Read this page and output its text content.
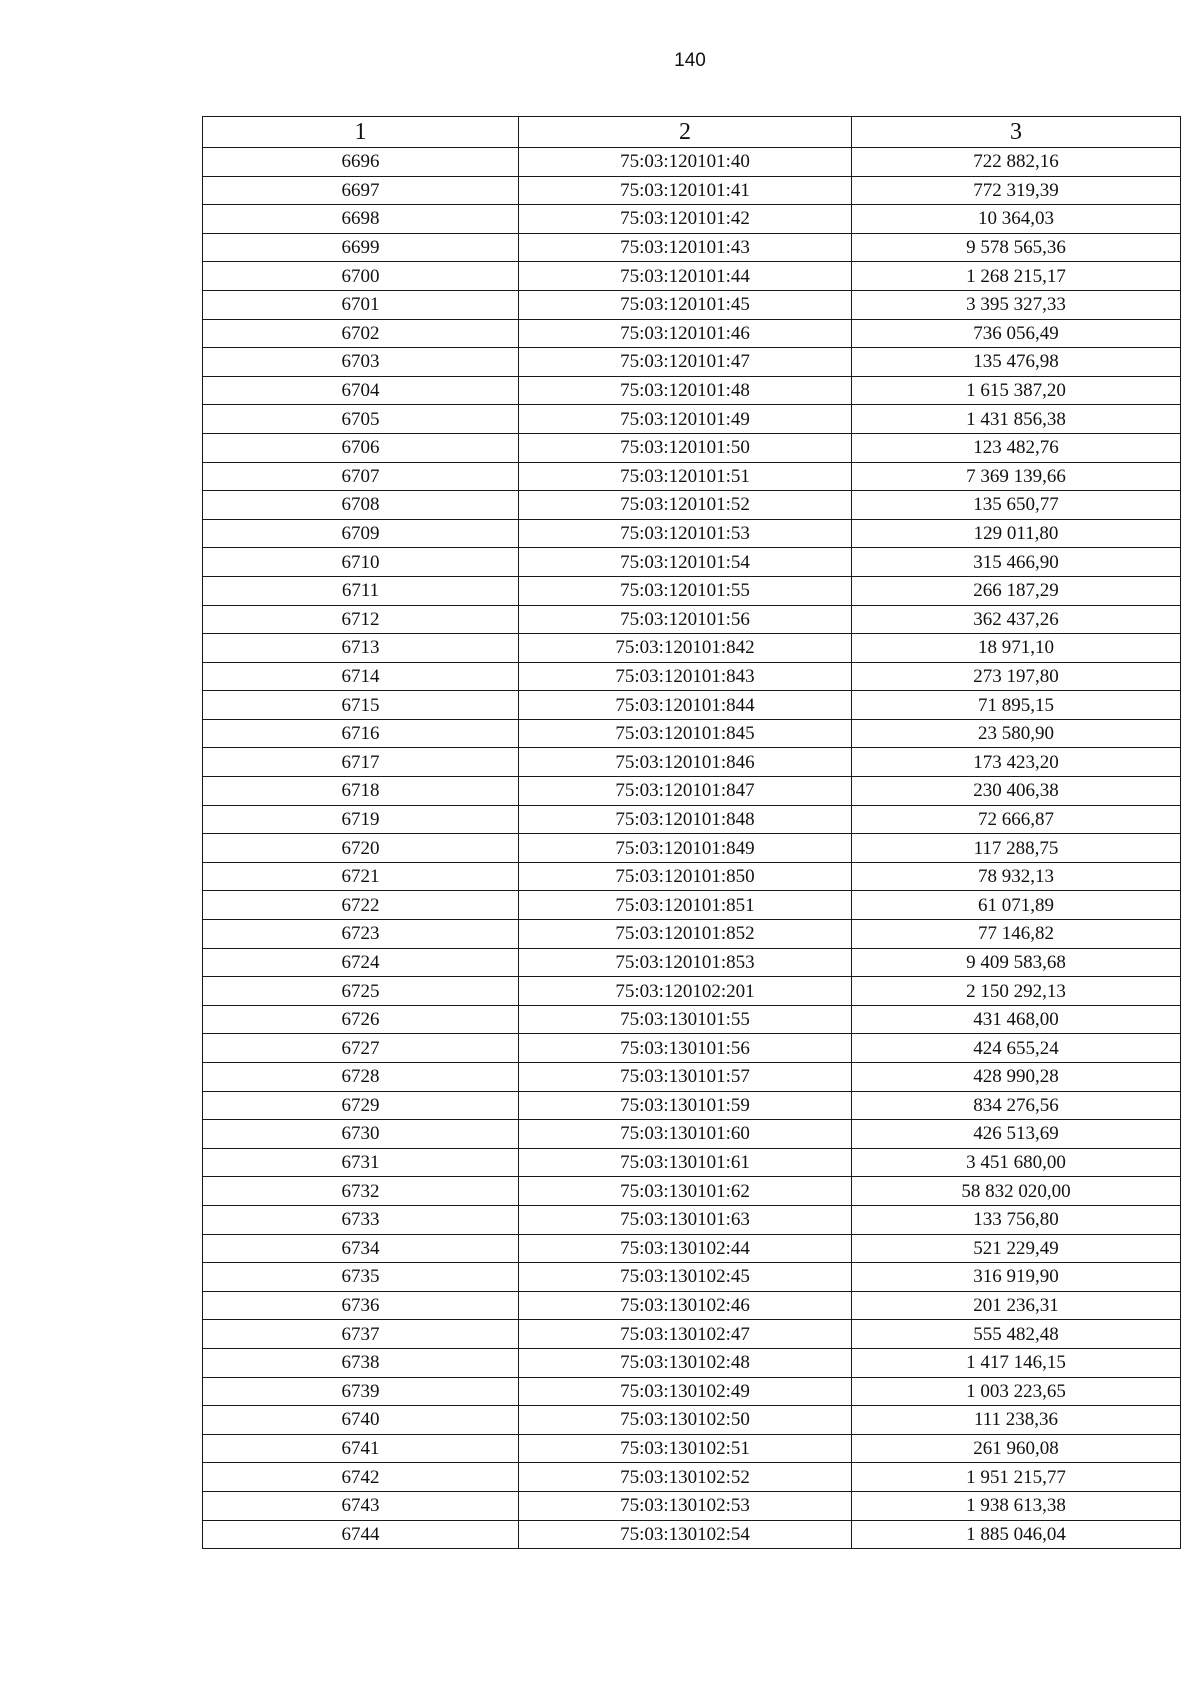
140
1	2	3
6696	75:03:120101:40	722 882,16
6697	75:03:120101:41	772 319,39
6698	75:03:120101:42	10 364,03
6699	75:03:120101:43	9 578 565,36
6700	75:03:120101:44	1 268 215,17
6701	75:03:120101:45	3 395 327,33
6702	75:03:120101:46	736 056,49
6703	75:03:120101:47	135 476,98
6704	75:03:120101:48	1 615 387,20
6705	75:03:120101:49	1 431 856,38
6706	75:03:120101:50	123 482,76
6707	75:03:120101:51	7 369 139,66
6708	75:03:120101:52	135 650,77
6709	75:03:120101:53	129 011,80
6710	75:03:120101:54	315 466,90
6711	75:03:120101:55	266 187,29
6712	75:03:120101:56	362 437,26
6713	75:03:120101:842	18 971,10
6714	75:03:120101:843	273 197,80
6715	75:03:120101:844	71 895,15
6716	75:03:120101:845	23 580,90
6717	75:03:120101:846	173 423,20
6718	75:03:120101:847	230 406,38
6719	75:03:120101:848	72 666,87
6720	75:03:120101:849	117 288,75
6721	75:03:120101:850	78 932,13
6722	75:03:120101:851	61 071,89
6723	75:03:120101:852	77 146,82
6724	75:03:120101:853	9 409 583,68
6725	75:03:120102:201	2 150 292,13
6726	75:03:130101:55	431 468,00
6727	75:03:130101:56	424 655,24
6728	75:03:130101:57	428 990,28
6729	75:03:130101:59	834 276,56
6730	75:03:130101:60	426 513,69
6731	75:03:130101:61	3 451 680,00
6732	75:03:130101:62	58 832 020,00
6733	75:03:130101:63	133 756,80
6734	75:03:130102:44	521 229,49
6735	75:03:130102:45	316 919,90
6736	75:03:130102:46	201 236,31
6737	75:03:130102:47	555 482,48
6738	75:03:130102:48	1 417 146,15
6739	75:03:130102:49	1 003 223,65
6740	75:03:130102:50	111 238,36
6741	75:03:130102:51	261 960,08
6742	75:03:130102:52	1 951 215,77
6743	75:03:130102:53	1 938 613,38
6744	75:03:130102:54	1 885 046,04
